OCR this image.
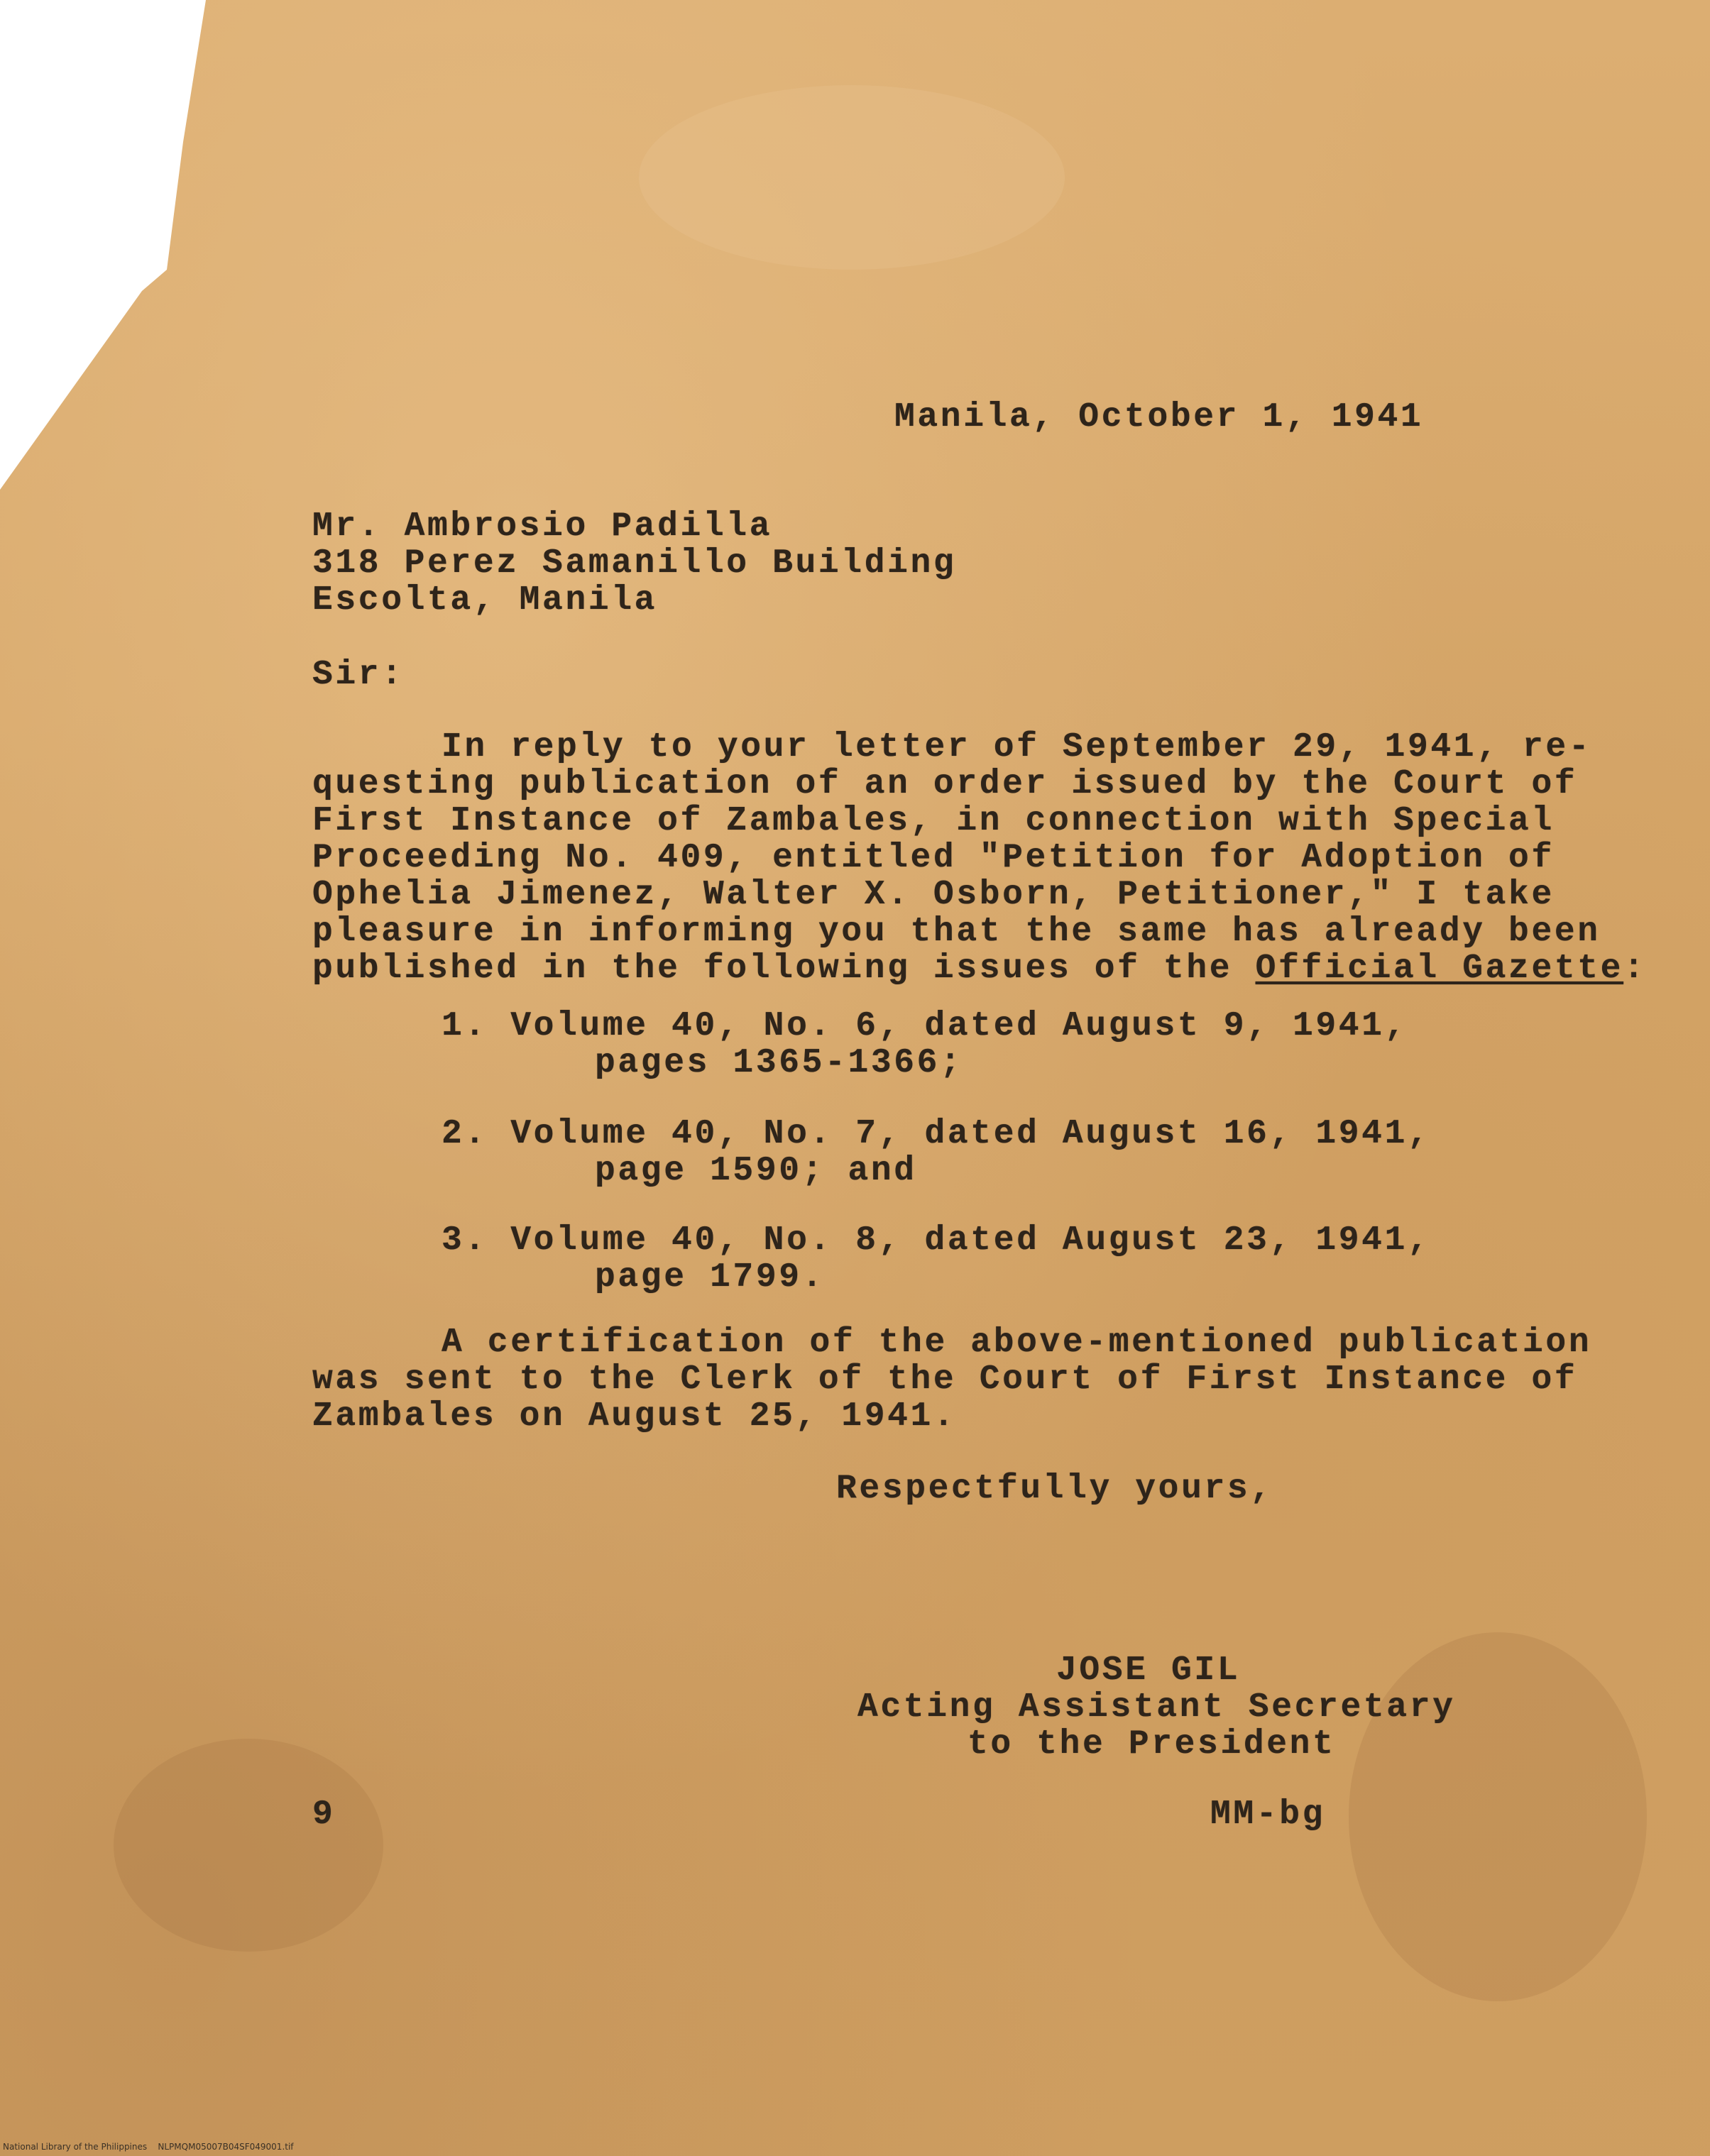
Manila, October 1, 1941
Mr. Ambrosio Padilla
318 Perez Samanillo Building
Escolta, Manila
Sir:
In reply to your letter of September 29, 1941, re-
questing publication of an order issued by the Court of
First Instance of Zambales, in connection with Special
Proceeding No. 409, entitled "Petition for Adoption of
Ophelia Jimenez, Walter X. Osborn, Petitioner," I take
pleasure in informing you that the same has already been
published in the following issues of the Official Gazette:
1. Volume 40, No. 6, dated August 9, 1941,
pages 1365-1366;
2. Volume 40, No. 7, dated August 16, 1941,
page 1590; and
3. Volume 40, No. 8, dated August 23, 1941,
page 1799.
A certification of the above-mentioned publication
was sent to the Clerk of the Court of First Instance of
Zambales on August 25, 1941.
Respectfully yours,
JOSE GIL
Acting Assistant Secretary
to the President
9	MM-bg
National Library of the Philippines    NLPMQM05007B04SF049001.tif
